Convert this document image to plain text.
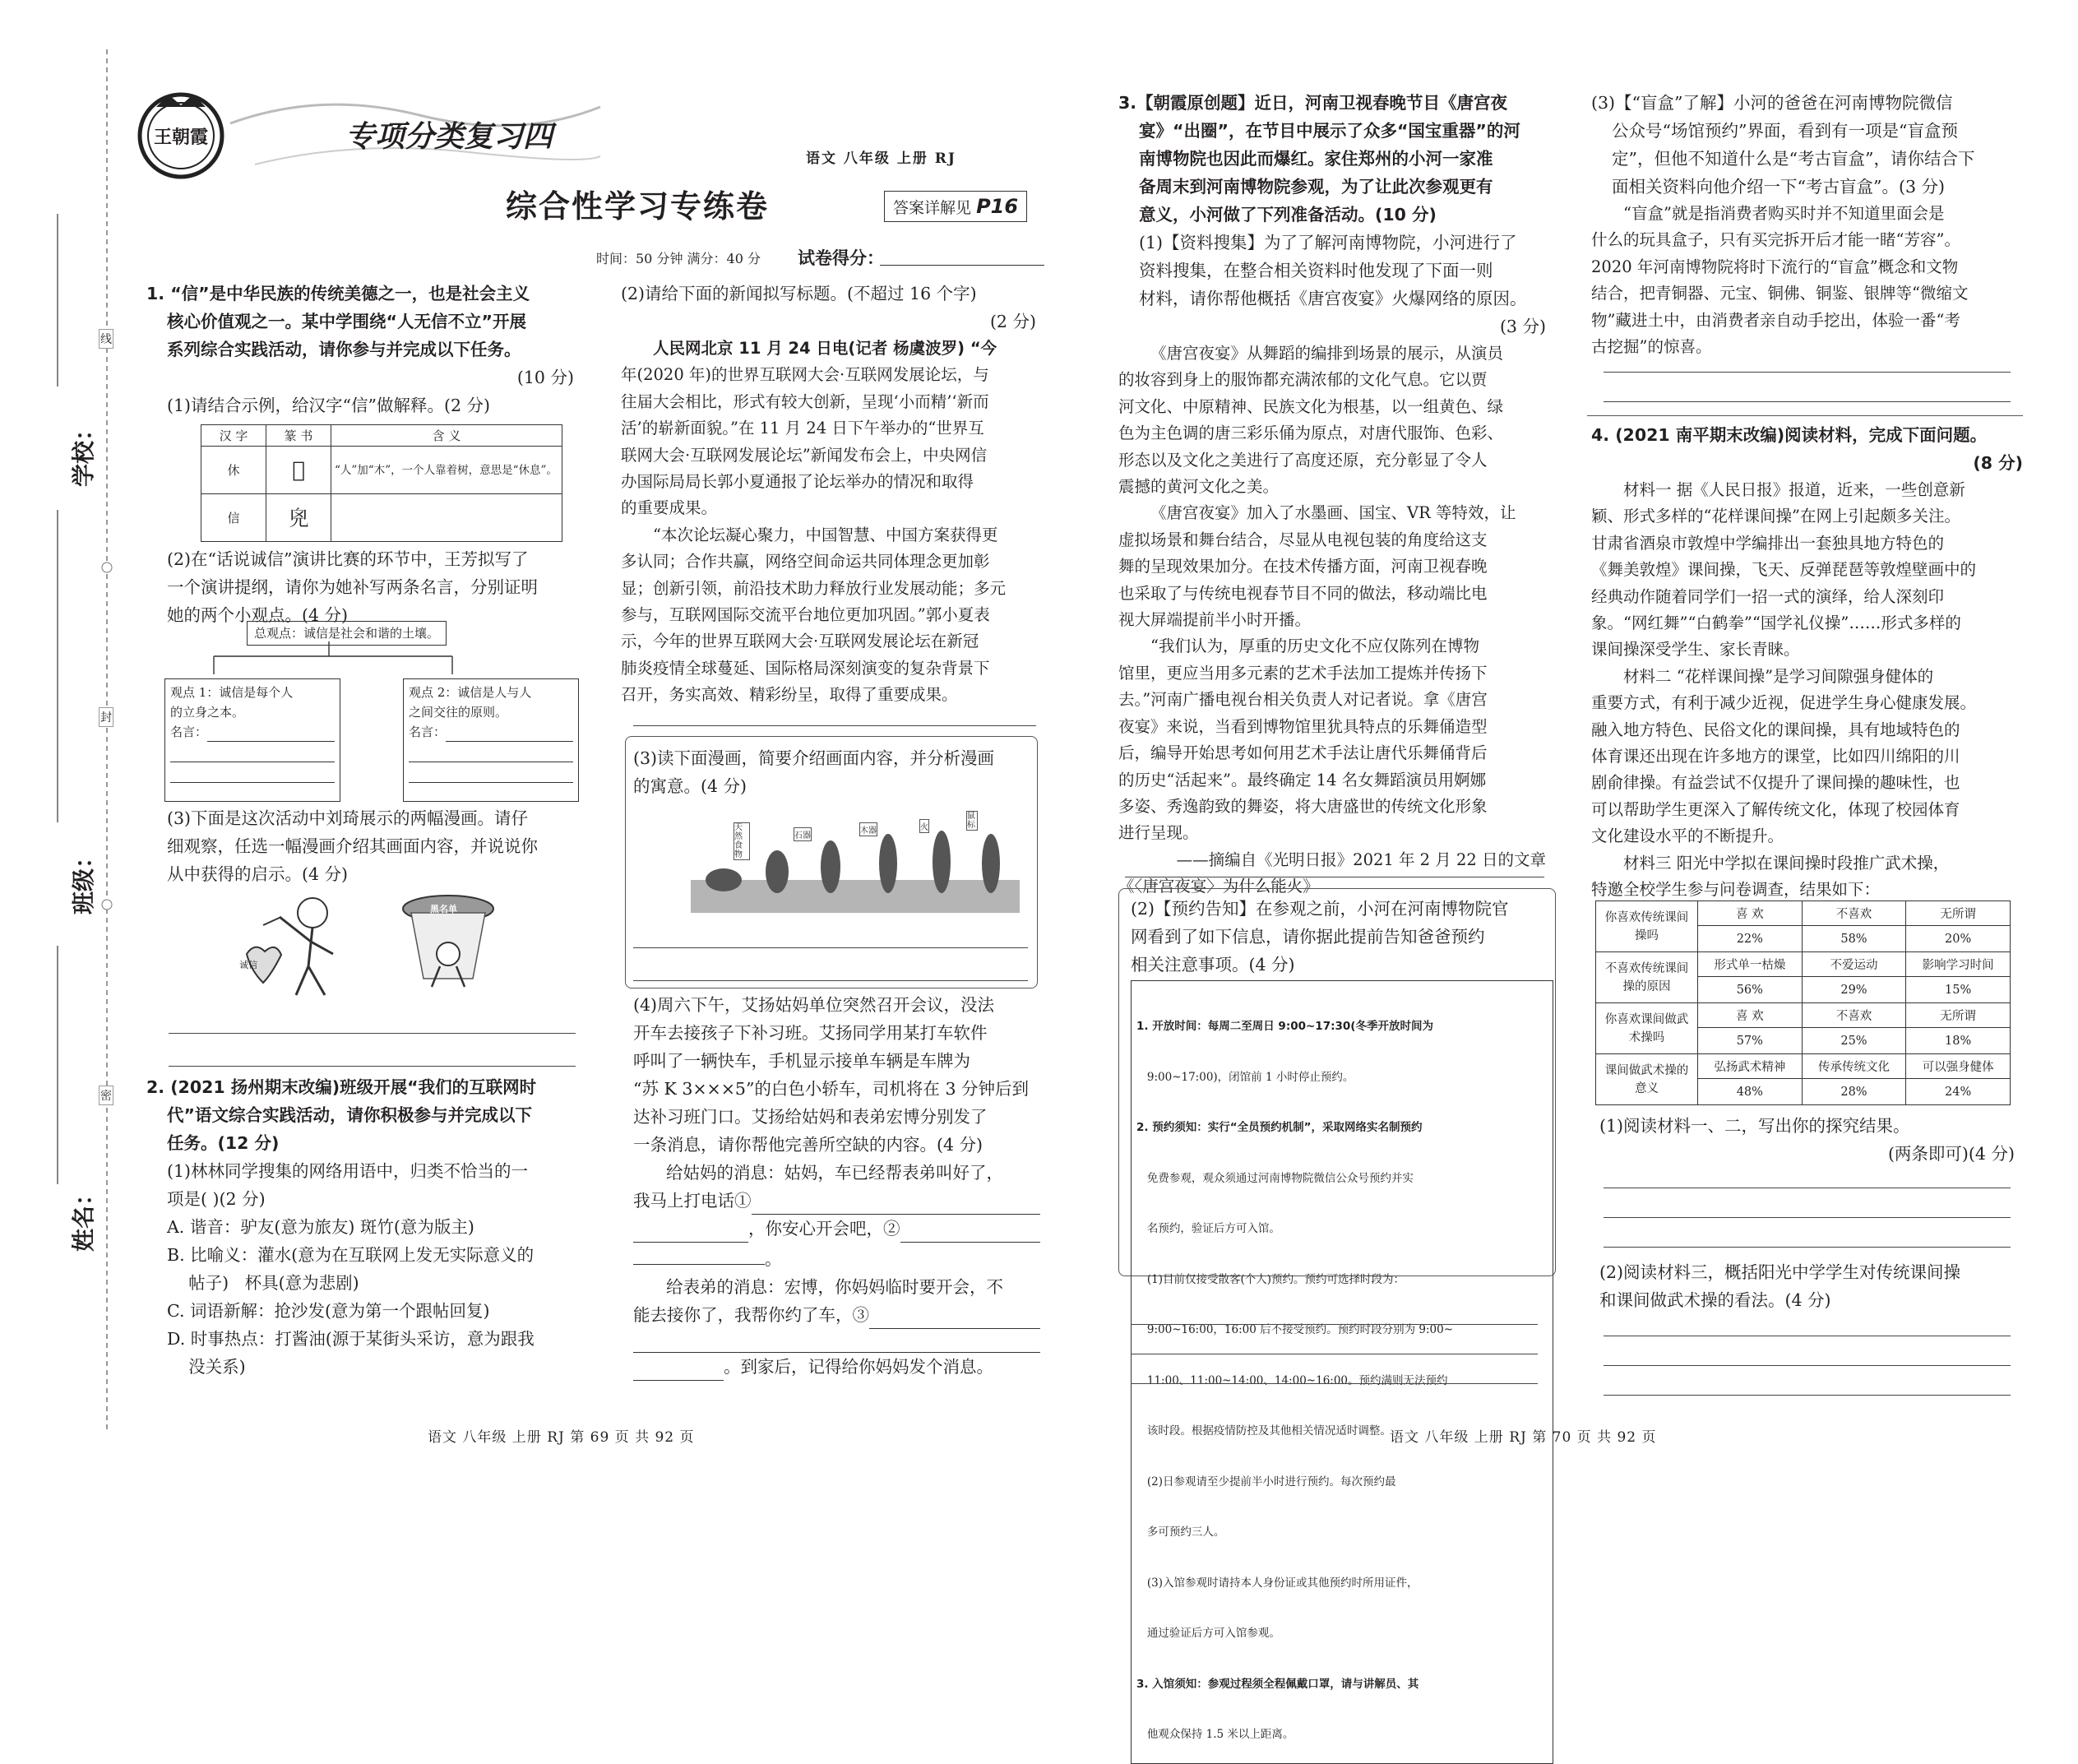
学校：
班级：
姓名：
线
封
密
王朝霞	专项分类复习四
语文 八年级 上册 RJ
综合性学习专练卷	答案详解见 P16
时间：50 分钟 满分：40 分 试卷得分：
1. “信”是中华民族的传统美德之一，也是社会主义
核心价值观之一。某中学围绕“人无信不立”开展
系列综合实践活动，请你参与并完成以下任务。
(10 分)
(1)请结合示例，给汉字“信”做解释。(2 分)
汉 字	篆 书	含 义
休	𠇷	“人”加“木”，一个人靠着树，意思是“休息”。
信	𠒆	
(2)在“话说诚信”演讲比赛的环节中，王芳拟写了
一个演讲提纲，请你为她补写两条名言，分别证明
她的两个小观点。(4 分)
总观点：诚信是社会和谐的土壤。
观点 1：诚信是每个人
的立身之本。
名言：
观点 2：诚信是人与人
之间交往的原则。
名言：
(3)下面是这次活动中刘琦展示的两幅漫画。请仔
细观察，任选一幅漫画介绍其画面内容，并说说你
从中获得的启示。(4 分)
诚信
黑名单
2. (2021 扬州期末改编)班级开展“我们的互联网时
代”语文综合实践活动，请你积极参与并完成以下
任务。(12 分)
(1)林林同学搜集的网络用语中，归类不恰当的一
项是( )(2 分)
A. 谐音：驴友(意为旅友) 斑竹(意为版主)
B. 比喻义：灌水(意为在互联网上发无实际意义的
帖子)   杯具(意为悲剧)
C. 词语新解：抢沙发(意为第一个跟帖回复)
D. 时事热点：打酱油(源于某街头采访，意为跟我
没关系)
(2)请给下面的新闻拟写标题。(不超过 16 个字)
(2 分)
人民网北京 11 月 24 日电(记者 杨虞波罗) “今
年(2020 年)的世界互联网大会·互联网发展论坛，与
往届大会相比，形式有较大创新，呈现‘小而精’‘新而
活’的崭新面貌。”在 11 月 24 日下午举办的“世界互
联网大会·互联网发展论坛”新闻发布会上，中央网信
办国际局局长郭小夏通报了论坛举办的情况和取得
的重要成果。
“本次论坛凝心聚力，中国智慧、中国方案获得更
多认同；合作共赢，网络空间命运共同体理念更加彰
显；创新引领，前沿技术助力释放行业发展动能；多元
参与，互联网国际交流平台地位更加巩固。”郭小夏表
示，今年的世界互联网大会·互联网发展论坛在新冠
肺炎疫情全球蔓延、国际格局深刻演变的复杂背景下
召开，务实高效、精彩纷呈，取得了重要成果。
(3)读下面漫画，简要介绍画面内容，并分析漫画
的寓意。(4 分)
天然食物
石器
木器	火
鼠标
(4)周六下午，艾扬姑妈单位突然召开会议，没法
开车去接孩子下补习班。艾扬同学用某打车软件
呼叫了一辆快车，手机显示接单车辆是车牌为
“苏 K 3×××5”的白色小轿车，司机将在 3 分钟后到
达补习班门口。艾扬给姑妈和表弟宏博分别发了
一条消息，请你帮他完善所空缺的内容。(4 分)
给姑妈的消息：姑妈，车已经帮表弟叫好了，
我马上打电话①
，你安心开会吧，②
。
给表弟的消息：宏博，你妈妈临时要开会，不
能去接你了，我帮你约了车，③
。到家后，记得给你妈妈发个消息。
3.【朝霞原创题】近日，河南卫视春晚节目《唐宫夜
宴》“出圈”，在节目中展示了众多“国宝重器”的河
南博物院也因此而爆红。家住郑州的小河一家准
备周末到河南博物院参观，为了让此次参观更有
意义，小河做了下列准备活动。(10 分)
(1)【资料搜集】为了了解河南博物院，小河进行了
资料搜集，在整合相关资料时他发现了下面一则
材料，请你帮他概括《唐宫夜宴》火爆网络的原因。
(3 分)
《唐宫夜宴》从舞蹈的编排到场景的展示，从演员
的妆容到身上的服饰都充满浓郁的文化气息。它以贾
河文化、中原精神、民族文化为根基，以一组黄色、绿
色为主色调的唐三彩乐俑为原点，对唐代服饰、色彩、
形态以及文化之美进行了高度还原，充分彰显了令人
震撼的黄河文化之美。
《唐宫夜宴》加入了水墨画、国宝、VR 等特效，让
虚拟场景和舞台结合，尽显从电视包装的角度给这支
舞的呈现效果加分。在技术传播方面，河南卫视春晚
也采取了与传统电视春节目不同的做法，移动端比电
视大屏端提前半小时开播。
“我们认为，厚重的历史文化不应仅陈列在博物
馆里，更应当用多元素的艺术手法加工提炼并传扬下
去。”河南广播电视台相关负责人对记者说。拿《唐宫
夜宴》来说，当看到博物馆里犹具特点的乐舞俑造型
后，编导开始思考如何用艺术手法让唐代乐舞俑背后
的历史“活起来”。最终确定 14 名女舞蹈演员用婀娜
多姿、秀逸韵致的舞姿，将大唐盛世的传统文化形象
进行呈现。
——摘编自《光明日报》2021 年 2 月 22 日的文章
《〈唐宫夜宴〉为什么能火》
(2)【预约告知】在参观之前，小河在河南博物院官
网看到了如下信息，请你据此提前告知爸爸预约
相关注意事项。(4 分)

1. 开放时间：每周二至周日 9:00~17:30(冬季开放时间为

9:00~17:00)，闭馆前 1 小时停止预约。

2. 预约须知：实行“全员预约机制”，采取网络实名制预约

免费参观，观众须通过河南博物院微信公众号预约并实

名预约，验证后方可入馆。

(1)目前仅接受散客(个人)预约。预约可选择时段为：

9:00~16:00，16:00 后不接受预约。预约时段分别为 9:00~

11:00、11:00~14:00、14:00~16:00。预约满则无法预约

该时段。根据疫情防控及其他相关情况适时调整。

(2)日参观请至少提前半小时进行预约。每次预约最

多可预约三人。

(3)入馆参观时请持本人身份证或其他预约时所用证件，

通过验证后方可入馆参观。

3. 入馆须知：参观过程须全程佩戴口罩，请与讲解员、其

他观众保持 1.5 米以上距离。

(3)【“盲盒”了解】小河的爸爸在河南博物院微信
公众号“场馆预约”界面，看到有一项是“盲盒预
定”，但他不知道什么是“考古盲盒”，请你结合下
面相关资料向他介绍一下“考古盲盒”。(3 分)
“盲盒”就是指消费者购买时并不知道里面会是
什么的玩具盒子，只有买完拆开后才能一睹“芳容”。
2020 年河南博物院将时下流行的“盲盒”概念和文物
结合，把青铜器、元宝、铜佛、铜鉴、银牌等“微缩文
物”藏进土中，由消费者亲自动手挖出，体验一番“考
古挖掘”的惊喜。
4. (2021 南平期末改编)阅读材料，完成下面问题。
(8 分)
材料一 据《人民日报》报道，近来，一些创意新
颖、形式多样的“花样课间操”在网上引起颇多关注。
甘肃省酒泉市敦煌中学编排出一套独具地方特色的
《舞美敦煌》课间操，飞天、反弹琵琶等敦煌壁画中的
经典动作随着同学们一招一式的演绎，给人深刻印
象。“网红舞”“白鹤拳”“国学礼仪操”……形式多样的
课间操深受学生、家长青睐。
材料二 “花样课间操”是学习间隙强身健体的
重要方式，有利于减少近视，促进学生身心健康发展。
融入地方特色、民俗文化的课间操，具有地域特色的
体育课还出现在许多地方的课堂，比如四川绵阳的川
剧俞律操。有益尝试不仅提升了课间操的趣味性，也
可以帮助学生更深入了解传统文化，体现了校园体育
文化建设水平的不断提升。
材料三 阳光中学拟在课间操时段推广武术操，
特邀全校学生参与问卷调查，结果如下：
你喜欢传统课间操吗	喜 欢	不喜欢	无所谓
	22%	58%	20%
不喜欢传统课间操的原因	形式单一枯燥	不爱运动	影响学习时间
	56%	29%	15%
你喜欢课间做武术操吗	喜 欢	不喜欢	无所谓
	57%	25%	18%
课间做武术操的意义	弘扬武术精神	传承传统文化	可以强身健体
	48%	28%	24%
(1)阅读材料一、二，写出你的探究结果。
(两条即可)(4 分)
(2)阅读材料三，概括阳光中学学生对传统课间操
和课间做武术操的看法。(4 分)
语文 八年级 上册 RJ 第 69 页 共 92 页	语文 八年级 上册 RJ 第 70 页 共 92 页
